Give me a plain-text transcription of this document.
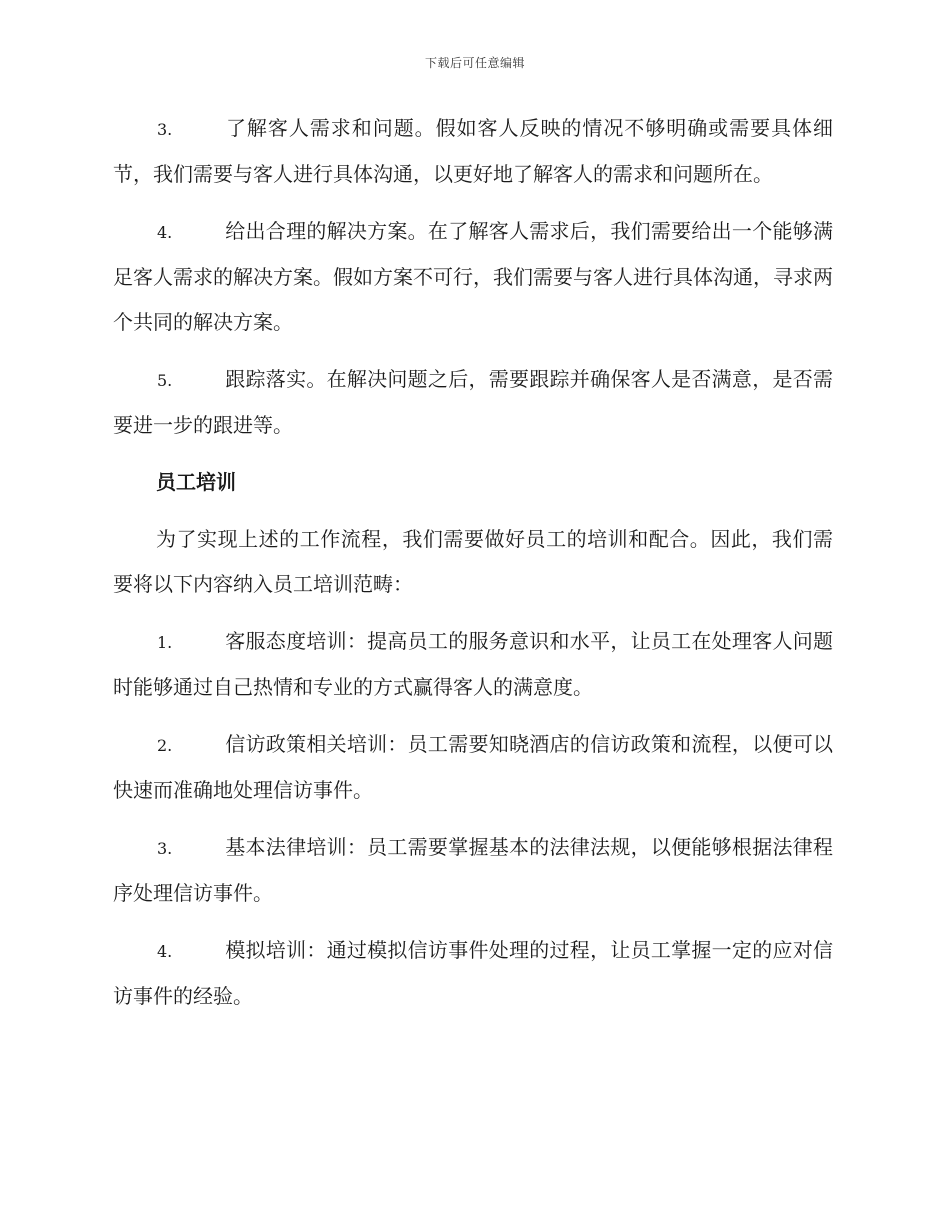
下载后可任意编辑

3.	了解客人需求和问题。假如客人反映的情况不够明确或需要具体细节，我们需要与客人进行具体沟通，以更好地了解客人的需求和问题所在。

4.	给出合理的解决方案。在了解客人需求后，我们需要给出一个能够满足客人需求的解决方案。假如方案不可行，我们需要与客人进行具体沟通，寻求两个共同的解决方案。

5.	跟踪落实。在解决问题之后，需要跟踪并确保客人是否满意，是否需要进一步的跟进等。

员工培训

为了实现上述的工作流程，我们需要做好员工的培训和配合。因此，我们需要将以下内容纳入员工培训范畴：

1.	客服态度培训：提高员工的服务意识和水平，让员工在处理客人问题时能够通过自己热情和专业的方式赢得客人的满意度。

2.	信访政策相关培训：员工需要知晓酒店的信访政策和流程，以便可以快速而准确地处理信访事件。

3.	基本法律培训：员工需要掌握基本的法律法规，以便能够根据法律程序处理信访事件。

4.	模拟培训：通过模拟信访事件处理的过程，让员工掌握一定的应对信访事件的经验。
